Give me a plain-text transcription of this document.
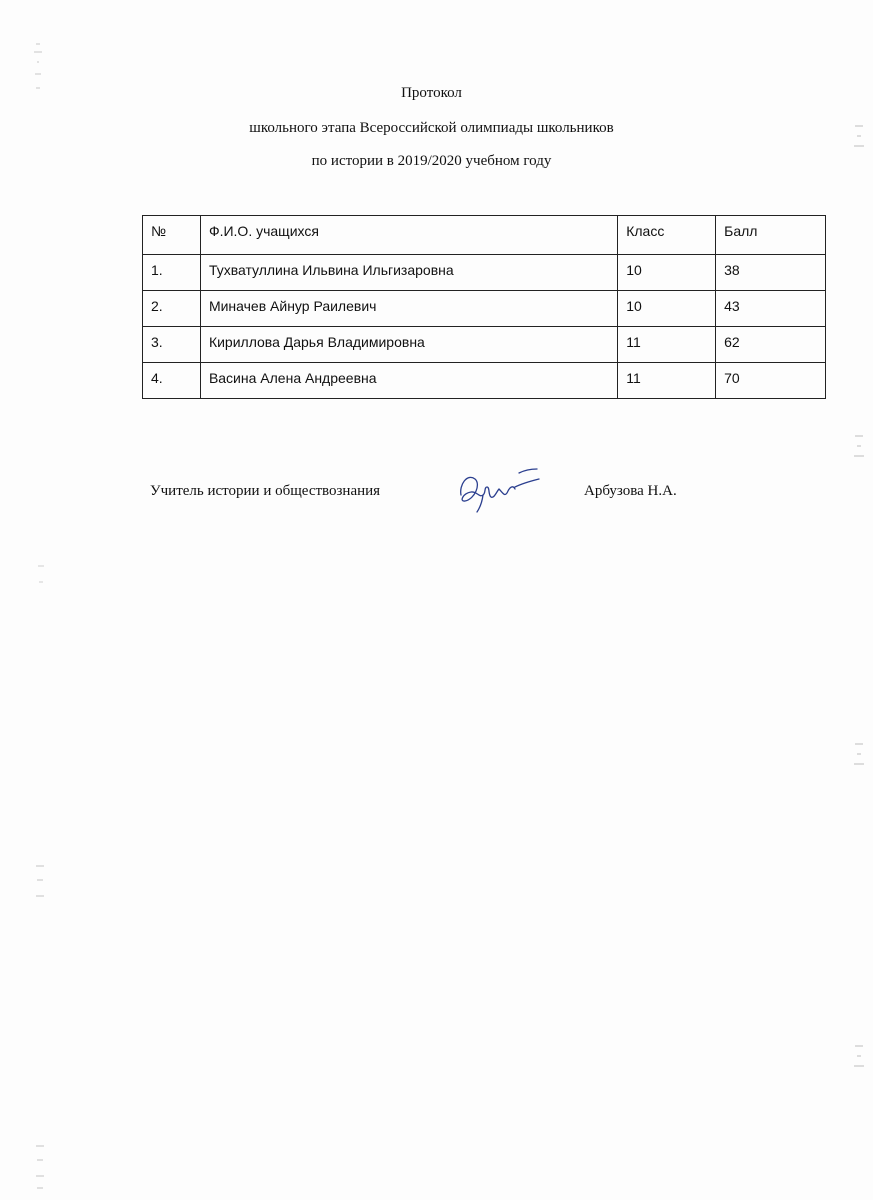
Протокол
школьного этапа Всероссийской олимпиады школьников
по истории в 2019/2020 учебном году
№	Ф.И.О. учащихся	Класс	Балл
1.	Тухватуллина Ильвина Ильгизаровна	10	38
2.	Миначев Айнур Раилевич	10	43
3.	Кириллова Дарья Владимировна	11	62
4.	Васина Алена Андреевна	11	70
Учитель истории и обществознания	Арбузова Н.А.
